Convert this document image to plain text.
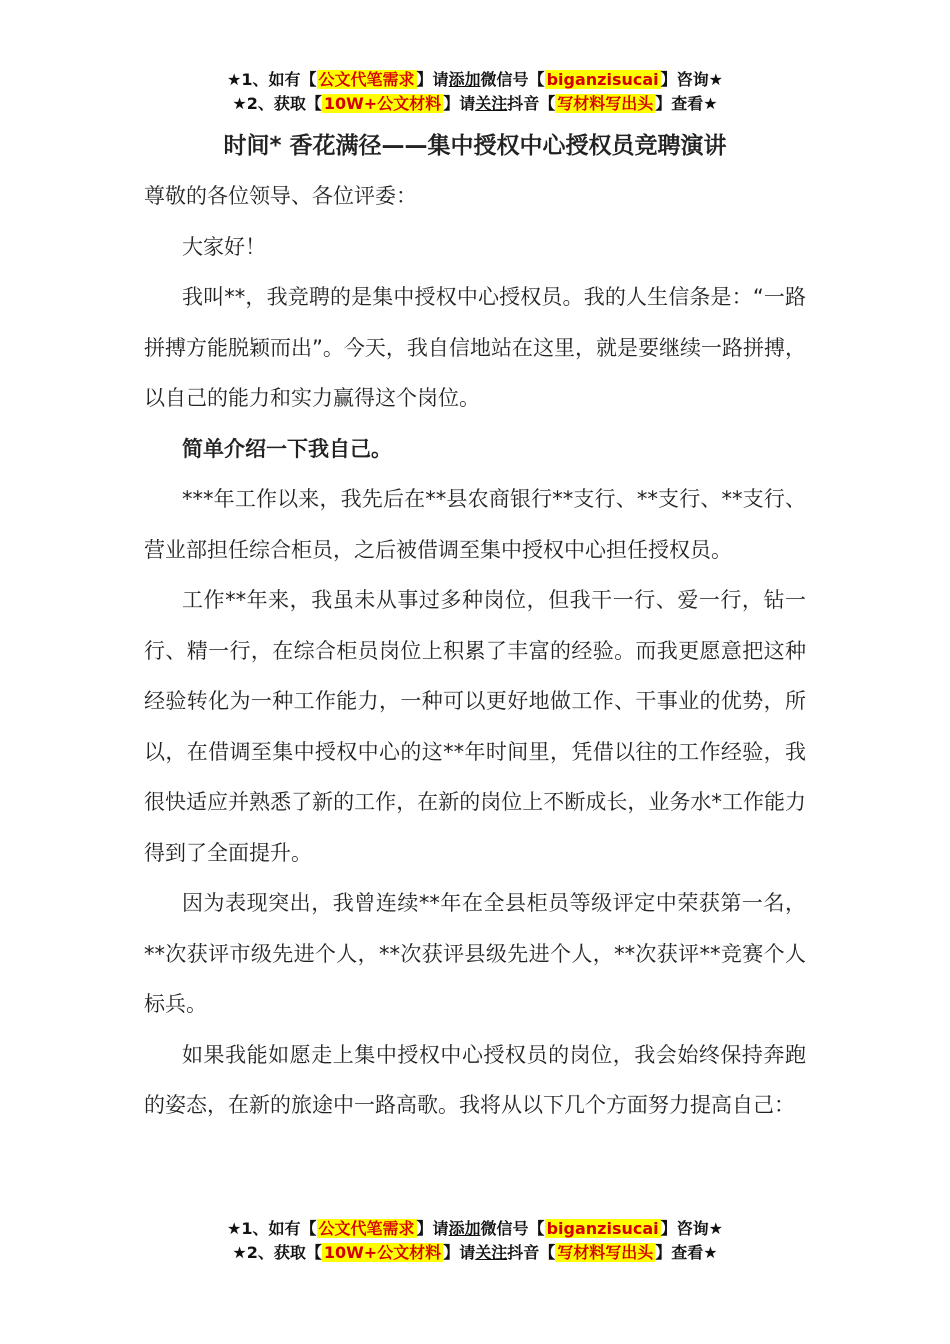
★1、如有【 公文代笔需求 】请添加微信号【 biganzisucai 】咨询★
★2、获取【 10W+公文材料 】请关注抖音【 写材料写出头 】查看★
时间* 香花满径——集中授权中心授权员竞聘演讲

尊敬的各位领导、各位评委：

大家好！

我叫**，我竞聘的是集中授权中心授权员。我的人生信条是：“一路拼搏方能脱颖而出”。今天，我自信地站在这里，就是要继续一路拼搏，以自己的能力和实力赢得这个岗位。

简单介绍一下我自己。

***年工作以来，我先后在**县农商银行**支行、**支行、**支行、营业部担任综合柜员，之后被借调至集中授权中心担任授权员。

工作**年来，我虽未从事过多种岗位，但我干一行、爱一行，钻一行、精一行，在综合柜员岗位上积累了丰富的经验。而我更愿意把这种经验转化为一种工作能力，一种可以更好地做工作、干事业的优势，所以，在借调至集中授权中心的这**年时间里，凭借以往的工作经验，我很快适应并熟悉了新的工作，在新的岗位上不断成长，业务水*工作能力得到了全面提升。

因为表现突出，我曾连续**年在全县柜员等级评定中荣获第一名，**次获评市级先进个人，**次获评县级先进个人，**次获评**竞赛个人标兵。

如果我能如愿走上集中授权中心授权员的岗位，我会始终保持奔跑的姿态，在新的旅途中一路高歌。我将从以下几个方面努力提高自己：

★1、如有【 公文代笔需求 】请添加微信号【 biganzisucai 】咨询★
★2、获取【 10W+公文材料 】请关注抖音【 写材料写出头 】查看★
